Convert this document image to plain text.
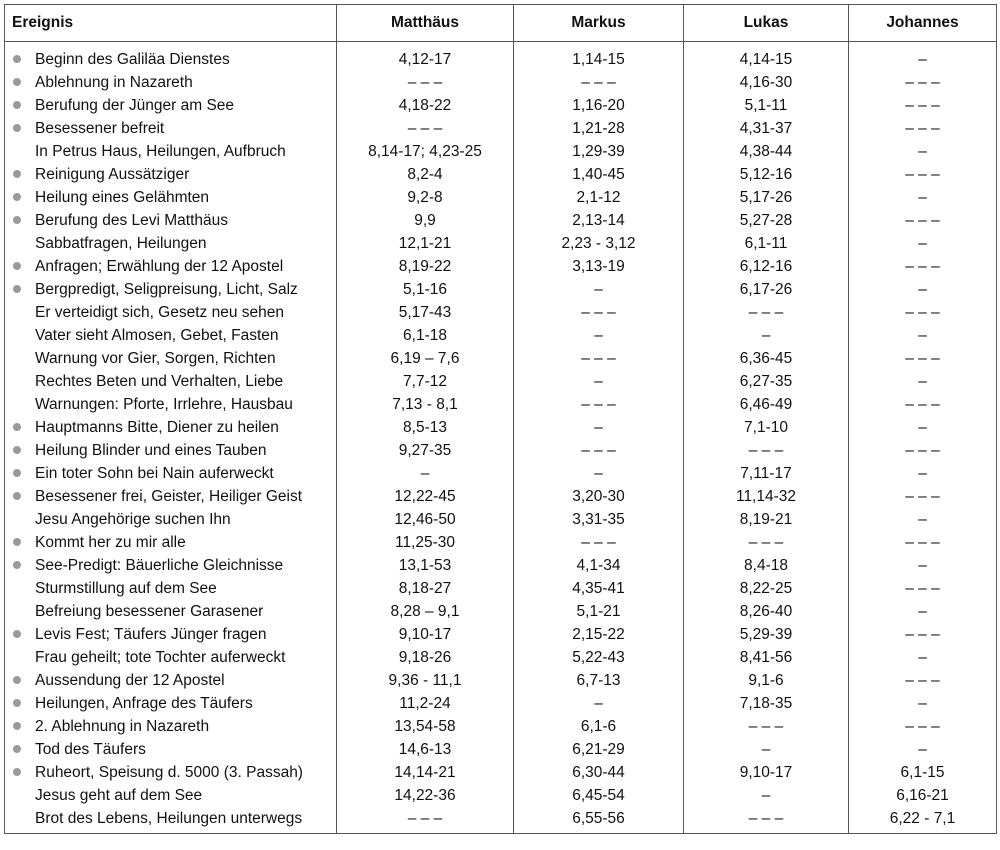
Ereignis	Matthäus	Markus	Lukas	Johannes
Beginn des Galiläa Dienstes	4,12-17	1,14-15	4,14-15	–
Ablehnung in Nazareth	– – –	– – –	4,16-30	– – –
Berufung der Jünger am See	4,18-22	1,16-20	5,1-11	– – –
Besessener befreit	– – –	1,21-28	4,31-37	– – –
In Petrus Haus, Heilungen, Aufbruch	8,14-17; 4,23-25	1,29-39	4,38-44	–
Reinigung Aussätziger	8,2-4	1,40-45	5,12-16	– – –
Heilung eines Gelähmten	9,2-8	2,1-12	5,17-26	–
Berufung des Levi Matthäus	9,9	2,13-14	5,27-28	– – –
Sabbatfragen, Heilungen	12,1-21	2,23 - 3,12	6,1-11	–
Anfragen; Erwählung der 12 Apostel	8,19-22	3,13-19	6,12-16	– – –
Bergpredigt, Seligpreisung, Licht, Salz	5,1-16	–	6,17-26	–
Er verteidigt sich, Gesetz neu sehen	5,17-43	– – –	– – –	– – –
Vater sieht Almosen, Gebet, Fasten	6,1-18	–	–	–
Warnung vor Gier, Sorgen, Richten	6,19 – 7,6	– – –	6,36-45	– – –
Rechtes Beten und Verhalten, Liebe	7,7-12	–	6,27-35	–
Warnungen: Pforte, Irrlehre, Hausbau	7,13 - 8,1	– – –	6,46-49	– – –
Hauptmanns Bitte, Diener zu heilen	8,5-13	–	7,1-10	–
Heilung Blinder und eines Tauben	9,27-35	– – –	– – –	– – –
Ein toter Sohn bei Nain auferweckt	–	–	7,11-17	–
Besessener frei, Geister, Heiliger Geist	12,22-45	3,20-30	11,14-32	– – –
Jesu Angehörige suchen Ihn	12,46-50	3,31-35	8,19-21	–
Kommt her zu mir alle	11,25-30	– – –	– – –	– – –
See-Predigt: Bäuerliche Gleichnisse	13,1-53	4,1-34	8,4-18	–
Sturmstillung auf dem See	8,18-27	4,35-41	8,22-25	– – –
Befreiung besessener Garasener	8,28 – 9,1	5,1-21	8,26-40	–
Levis Fest; Täufers Jünger fragen	9,10-17	2,15-22	5,29-39	– – –
Frau geheilt; tote Tochter auferweckt	9,18-26	5,22-43	8,41-56	–
Aussendung der 12 Apostel	9,36 - 11,1	6,7-13	9,1-6	– – –
Heilungen, Anfrage des Täufers	11,2-24	–	7,18-35	–
2. Ablehnung in Nazareth	13,54-58	6,1-6	– – –	– – –
Tod des Täufers	14,6-13	6,21-29	–	–
Ruheort, Speisung d. 5000 (3. Passah)	14,14-21	6,30-44	9,10-17	6,1-15
Jesus geht auf dem See	14,22-36	6,45-54	–	6,16-21
Brot des Lebens, Heilungen unterwegs	– – –	6,55-56	– – –	6,22 - 7,1
